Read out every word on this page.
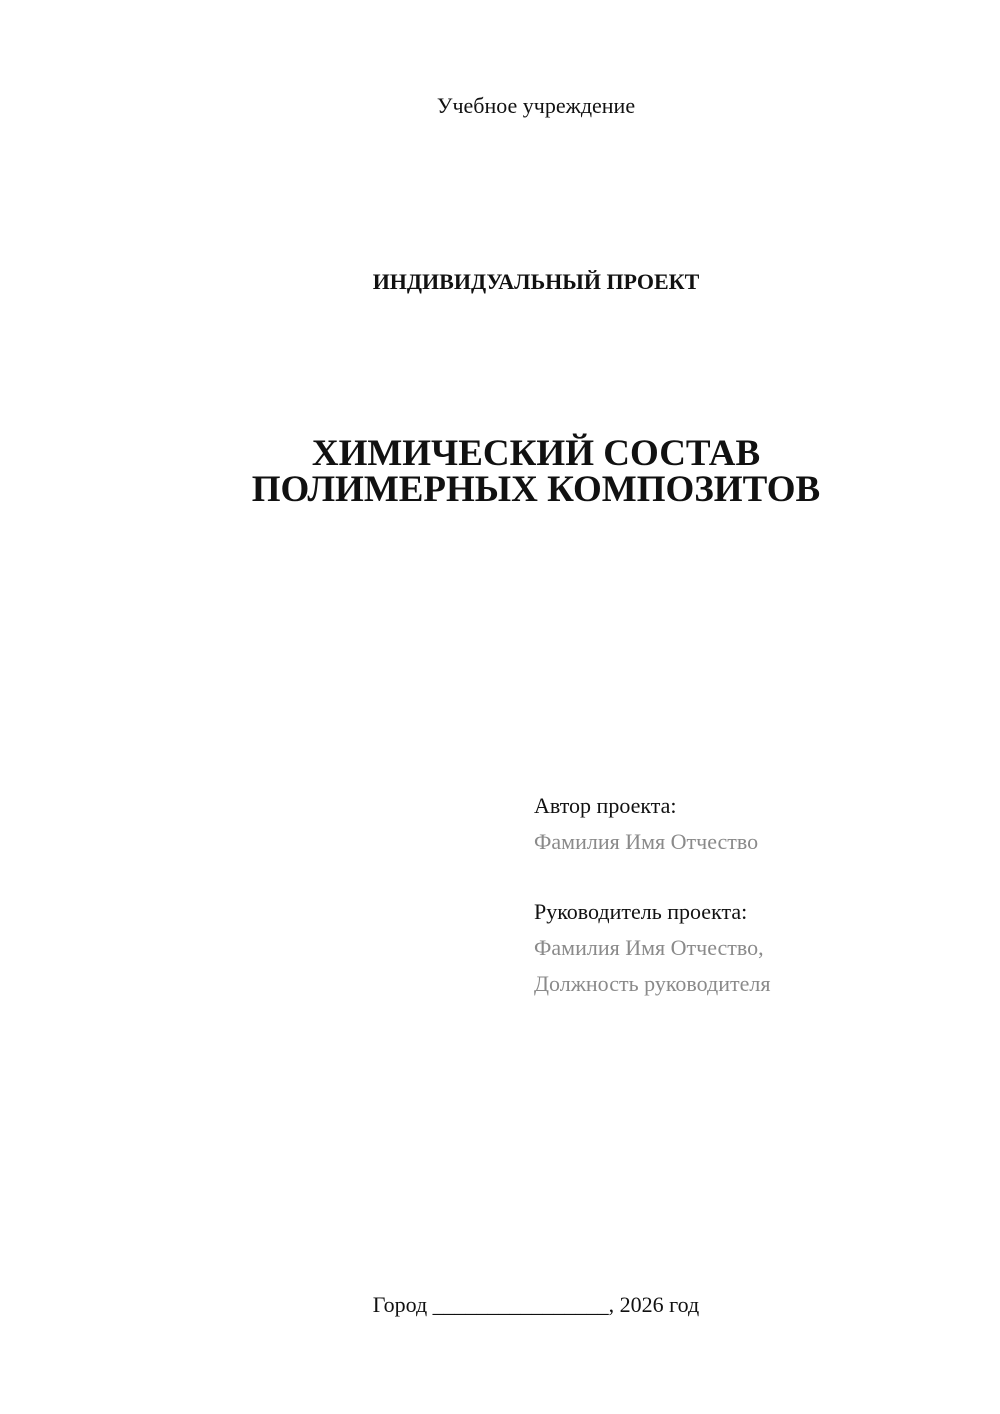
Учебное учреждение
ИНДИВИДУАЛЬНЫЙ ПРОЕКТ
ХИМИЧЕСКИЙ СОСТАВ
ПОЛИМЕРНЫХ КОМПОЗИТОВ
Автор проекта:
Фамилия Имя Отчество
Руководитель проекта:
Фамилия Имя Отчество,
Должность руководителя
Город ________________, 2026 год
